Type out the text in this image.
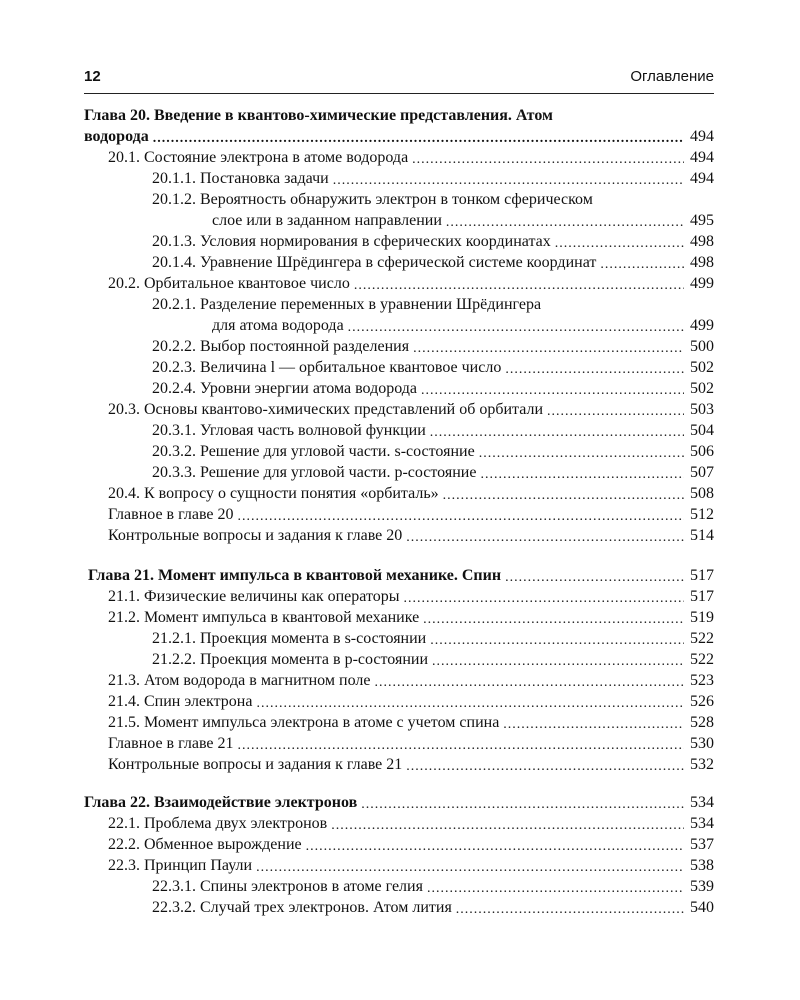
12	Оглавление
Глава 20. Введение в квантово-химические представления. Атом
водорода .....	494
20.1. Состояние электрона в атоме водорода .....	494
20.1.1. Постановка задачи .....	494
20.1.2. Вероятность обнаружить электрон в тонком сферическом
слое или в заданном направлении .....	495
20.1.3. Условия нормирования в сферических координатах .....	498
20.1.4. Уравнение Шрёдингера в сферической системе координат .....	498
20.2. Орбитальное квантовое число .....	499
20.2.1. Разделение переменных в уравнении Шрёдингера
для атома водорода .....	499
20.2.2. Выбор постоянной разделения .....	500
20.2.3. Величина l — орбитальное квантовое число .....	502
20.2.4. Уровни энергии атома водорода .....	502
20.3. Основы квантово-химических представлений об орбитали .....	503
20.3.1. Угловая часть волновой функции .....	504
20.3.2. Решение для угловой части. s-состояние .....	506
20.3.3. Решение для угловой части. p-состояние .....	507
20.4. К вопросу о сущности понятия «орбиталь» .....	508
Главное в главе 20 .....	512
Контрольные вопросы и задания к главе 20 .....	514
Глава 21. Момент импульса в квантовой механике. Спин .....	517
21.1. Физические величины как операторы .....	517
21.2. Момент импульса в квантовой механике .....	519
21.2.1. Проекция момента в s-состоянии .....	522
21.2.2. Проекция момента в p-состоянии .....	522
21.3. Атом водорода в магнитном поле .....	523
21.4. Спин электрона .....	526
21.5. Момент импульса электрона в атоме с учетом спина .....	528
Главное в главе 21 .....	530
Контрольные вопросы и задания к главе 21 .....	532
Глава 22. Взаимодействие электронов .....	534
22.1. Проблема двух электронов .....	534
22.2. Обменное вырождение .....	537
22.3. Принцип Паули .....	538
22.3.1. Спины электронов в атоме гелия .....	539
22.3.2. Случай трех электронов. Атом лития .....	540
